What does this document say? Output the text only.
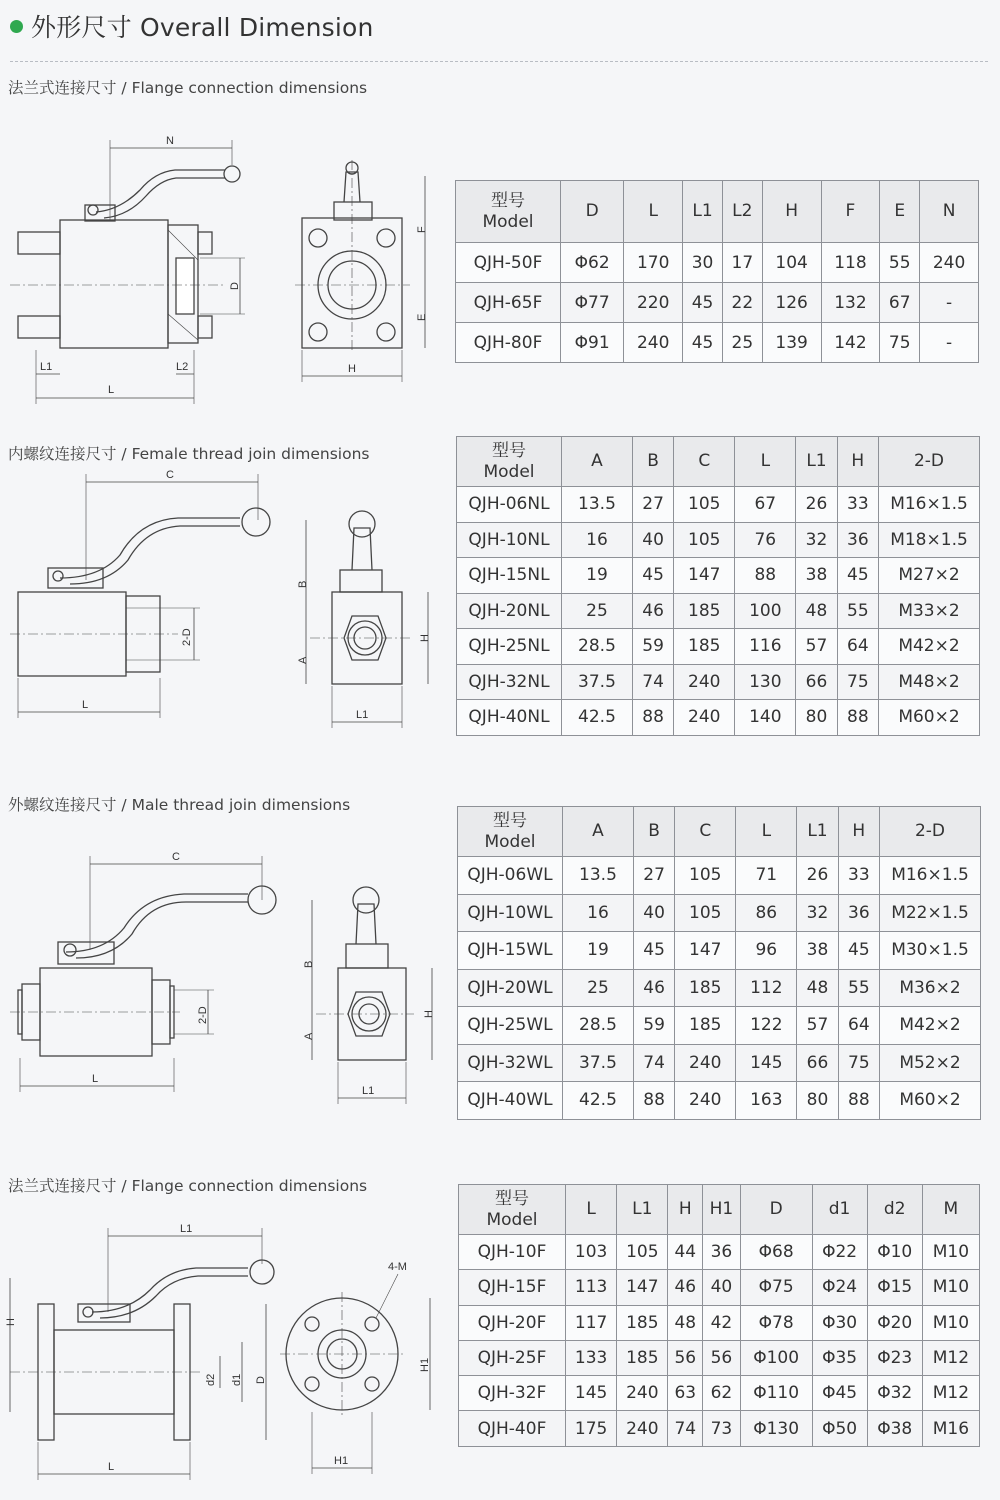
外形尺寸 Overall Dimension
法兰式连接尺寸 / Flange connection dimensions
内螺纹连接尺寸 / Female thread join dimensions
外螺纹连接尺寸 / Male thread join dimensions
法兰式连接尺寸 / Flange connection dimensions
N
D
L1	L2
L
F
E
H
型号
Model	D	L	L1	L2	H	F	E	N
QJH-50F	Φ62	170	30	17	104	118	55	240
QJH-65F	Φ77	220	45	22	126	132	67	-
QJH-80F	Φ91	240	45	25	139	142	75	-
C
2-D
L
B
A
H
L1
型号
Model	A	B	C	L	L1	H	2-D
QJH-06NL	13.5	27	105	67	26	33	M16×1.5
QJH-10NL	16	40	105	76	32	36	M18×1.5
QJH-15NL	19	45	147	88	38	45	M27×2
QJH-20NL	25	46	185	100	48	55	M33×2
QJH-25NL	28.5	59	185	116	57	64	M42×2
QJH-32NL	37.5	74	240	130	66	75	M48×2
QJH-40NL	42.5	88	240	140	80	88	M60×2
C
2-D
L
B
A
H
L1
型号
Model	A	B	C	L	L1	H	2-D
QJH-06WL	13.5	27	105	71	26	33	M16×1.5
QJH-10WL	16	40	105	86	32	36	M22×1.5
QJH-15WL	19	45	147	96	38	45	M30×1.5
QJH-20WL	25	46	185	112	48	55	M36×2
QJH-25WL	28.5	59	185	122	57	64	M42×2
QJH-32WL	37.5	74	240	145	66	75	M52×2
QJH-40WL	42.5	88	240	163	80	88	M60×2
L1
H
d2 d1 D
L
4-M
H1
H1
型号
Model	L	L1	H	H1	D	d1	d2	M
QJH-10F	103	105	44	36	Φ68	Φ22	Φ10	M10
QJH-15F	113	147	46	40	Φ75	Φ24	Φ15	M10
QJH-20F	117	185	48	42	Φ78	Φ30	Φ20	M10
QJH-25F	133	185	56	56	Φ100	Φ35	Φ23	M12
QJH-32F	145	240	63	62	Φ110	Φ45	Φ32	M12
QJH-40F	175	240	74	73	Φ130	Φ50	Φ38	M16
